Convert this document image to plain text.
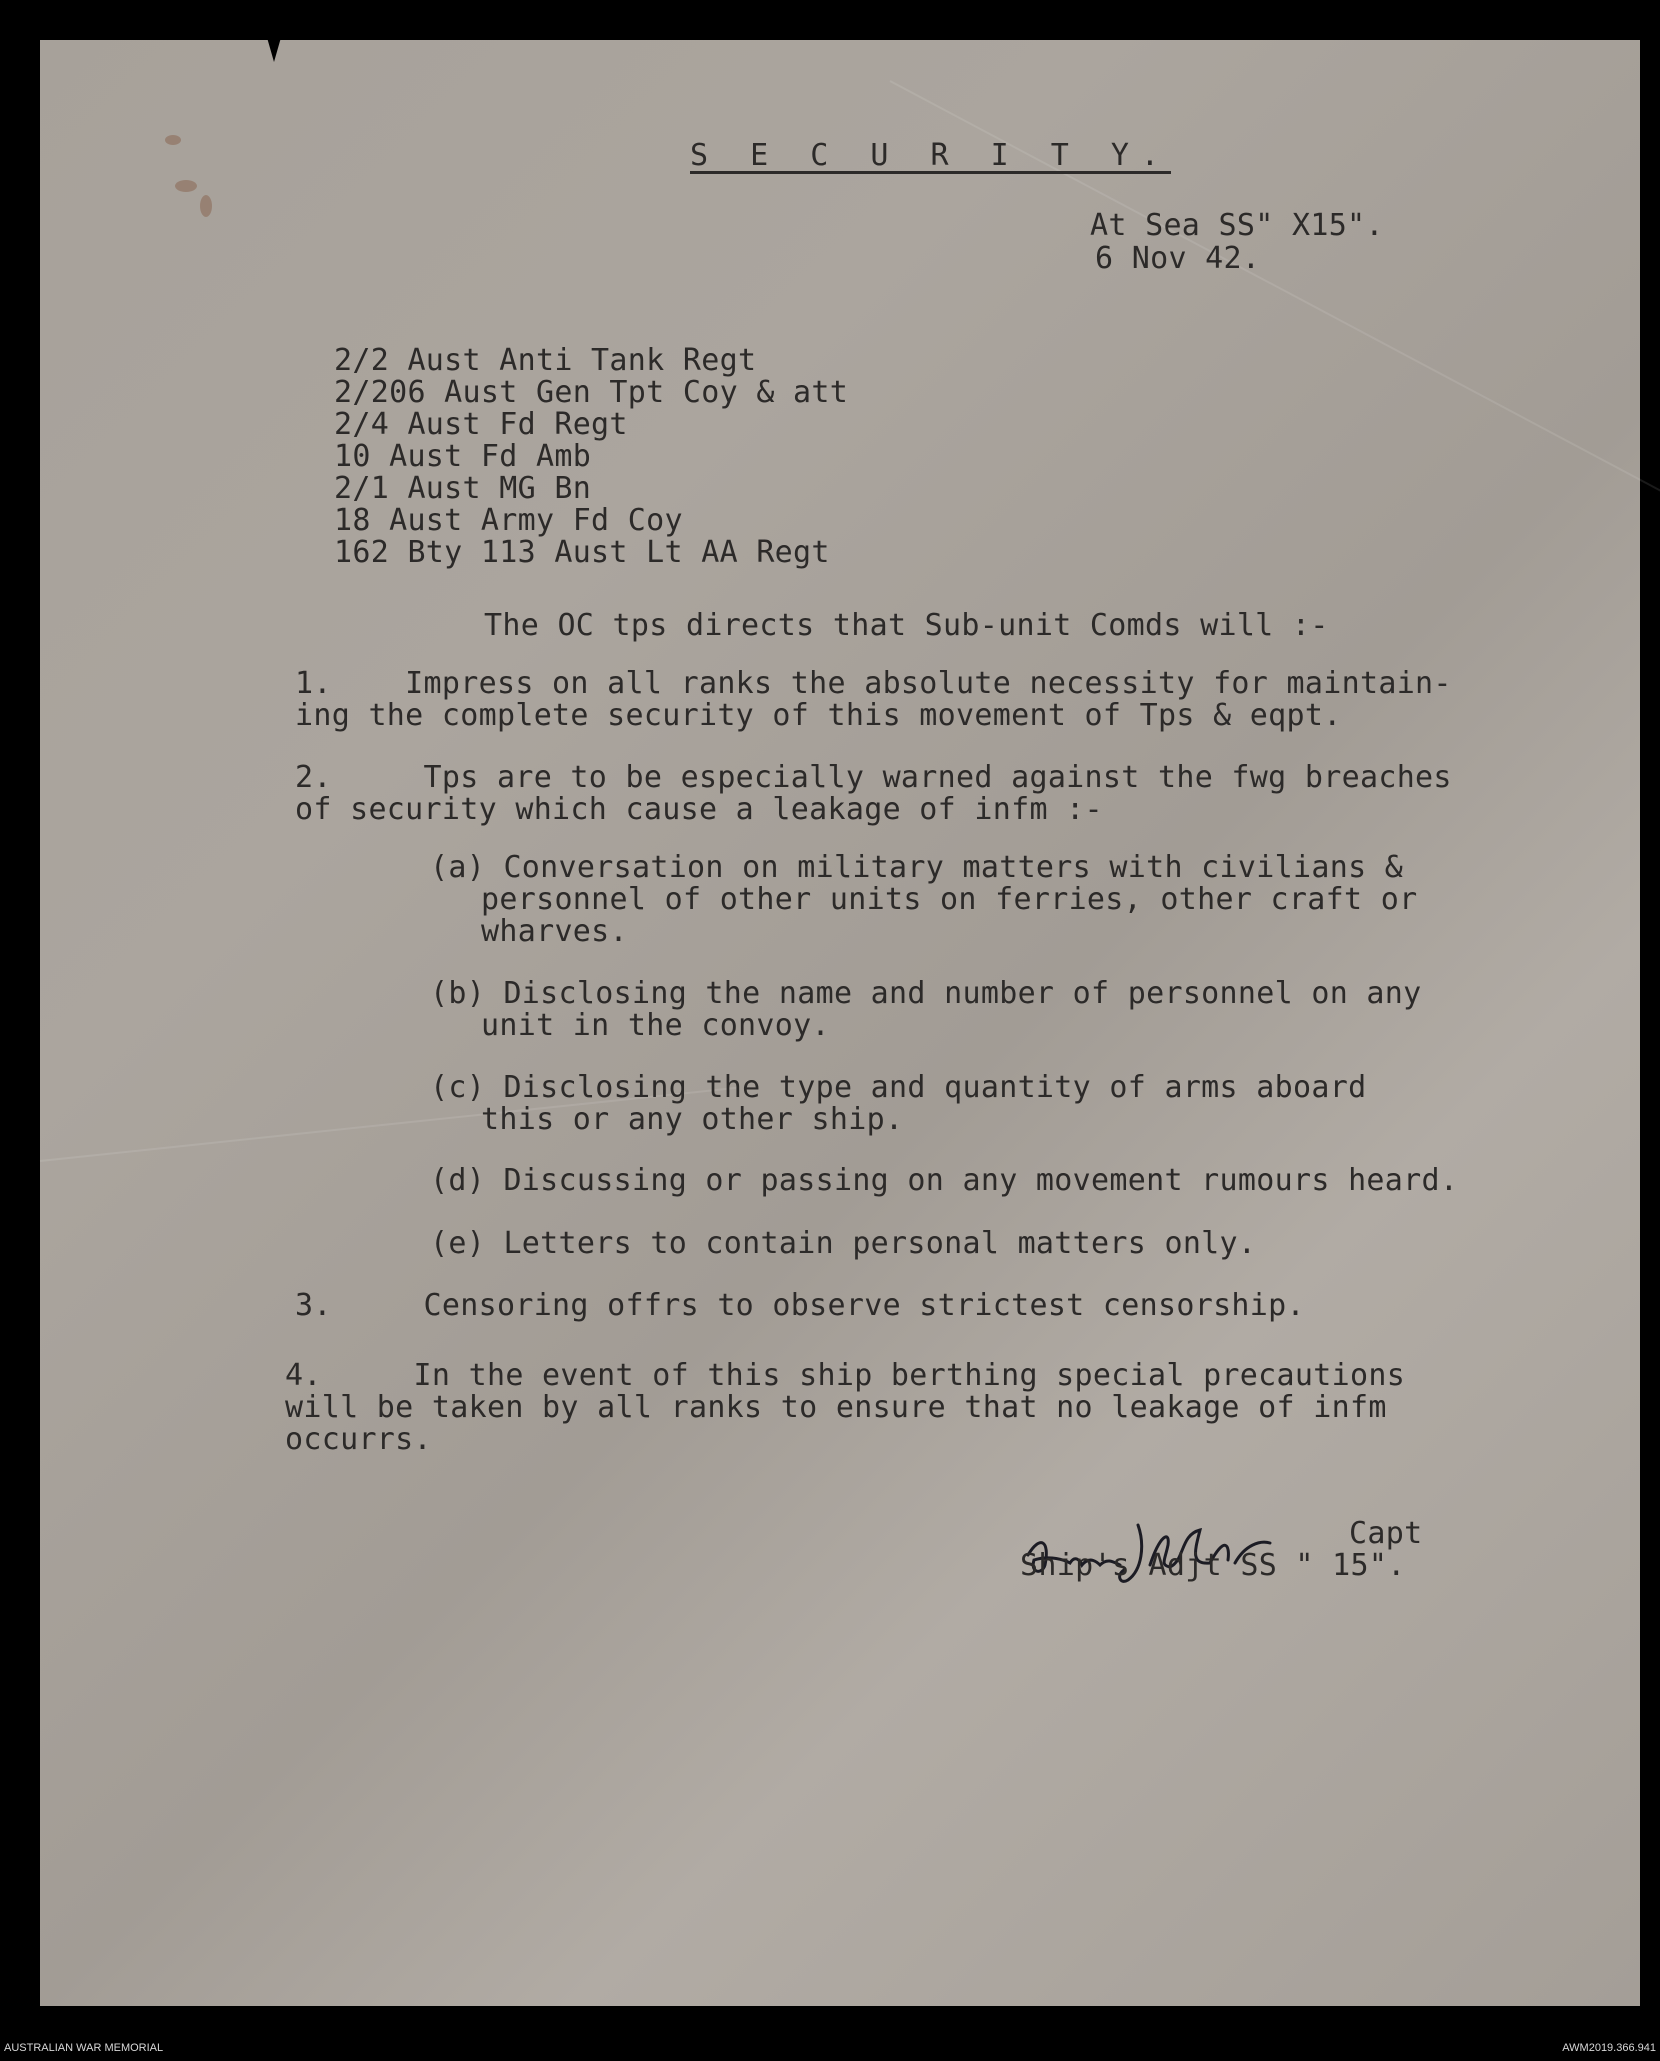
S E C U R I T Y.

At Sea SS" X15".

6 Nov 42.

2/2 Aust Anti Tank Regt
2/206 Aust Gen Tpt Coy & att
2/4 Aust Fd Regt
10 Aust Fd Amb
2/1 Aust MG Bn
18 Aust Army Fd Coy
162 Bty 113 Aust Lt AA Regt

The OC tps directs that Sub-unit Comds will :-

1.    Impress on all ranks the absolute necessity for maintain-

ing the complete security of this movement of Tps & eqpt.

2.     Tps are to be especially warned against the fwg breaches

of security which cause a leakage of infm :-

(a) Conversation on military matters with civilians &

personnel of other units on ferries, other craft or

wharves.

(b) Disclosing the name and number of personnel on any

unit in the convoy.

(c) Disclosing the type and quantity of arms aboard

this or any other ship.

(d) Discussing or passing on any movement rumours heard.

(e) Letters to contain personal matters only.

3.     Censoring offrs to observe strictest censorship.

4.     In the event of this ship berthing special precautions

will be taken by all ranks to ensure that no leakage of infm

occurrs.

Capt

Ship's Adjt SS " 15".

AUSTRALIAN WAR MEMORIAL	AWM2019.366.941
